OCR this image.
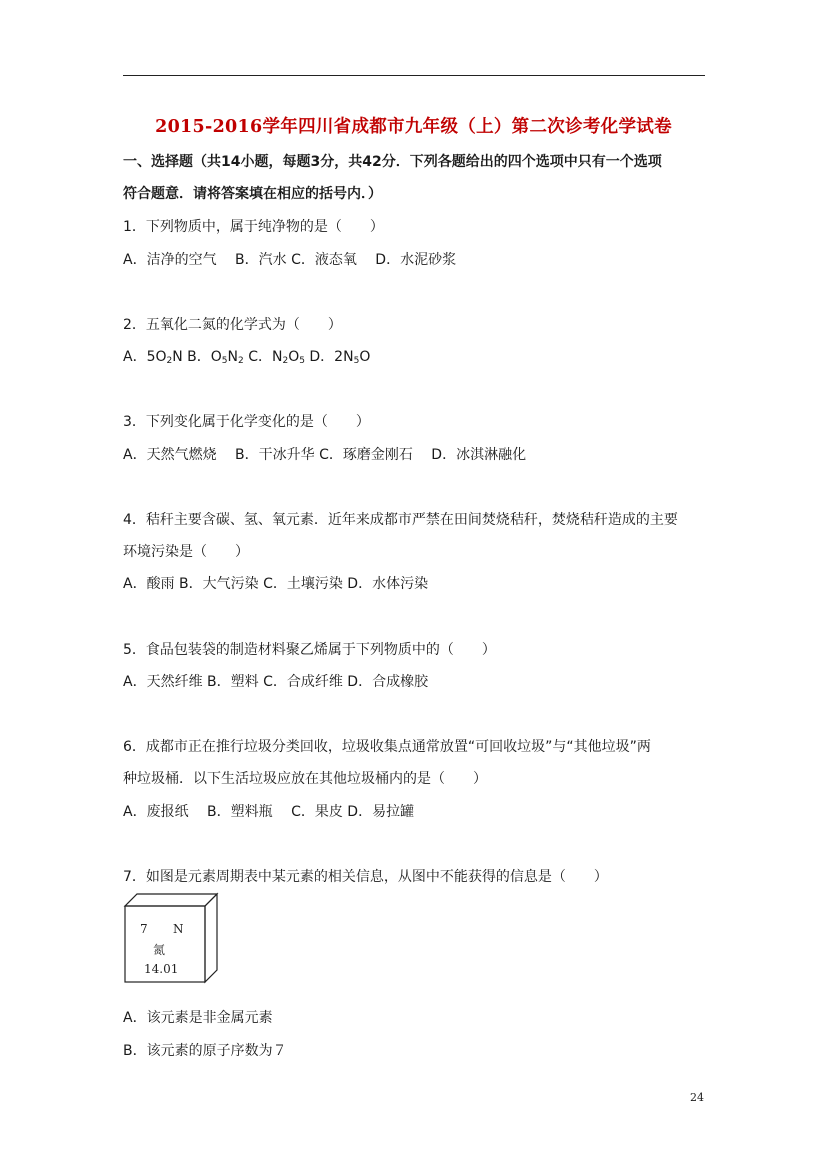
2015-2016学年四川省成都市九年级（上）第二次诊考化学试卷
一、选择题（共14小题，每题3分，共42分．下列各题给出的四个选项中只有一个选项
符合题意．请将答案填在相应的括号内．）
1．下列物质中，属于纯净物的是（　　）
A．洁净的空气　 B．汽水 C．液态氧　 D．水泥砂浆
2．五氧化二氮的化学式为（　　）
A．$5O_2N$ B．$O_5N_2$ C．$N_2O_5$ D．$2N_5O$
3．下列变化属于化学变化的是（　　）
A．天然气燃烧　 B．干冰升华 C．琢磨金刚石　 D．冰淇淋融化
4．秸秆主要含碳、氢、氧元素．近年来成都市严禁在田间焚烧秸秆，焚烧秸秆造成的主要
环境污染是（　　）
A．酸雨 B．大气污染 C．土壤污染 D．水体污染
5．食品包装袋的制造材料聚乙烯属于下列物质中的（　　）
A．天然纤维 B．塑料 C．合成纤维 D．合成橡胶
6．成都市正在推行垃圾分类回收，垃圾收集点通常放置“可回收垃圾”与“其他垃圾”两
种垃圾桶．以下生活垃圾应放在其他垃圾桶内的是（　　）
A．废报纸　 B．塑料瓶　 C．果皮 D．易拉罐
7．如图是元素周期表中某元素的相关信息，从图中不能获得的信息是（　　）
7 N
氮
14.01
A．该元素是非金属元素
B．该元素的原子序数为７
24
